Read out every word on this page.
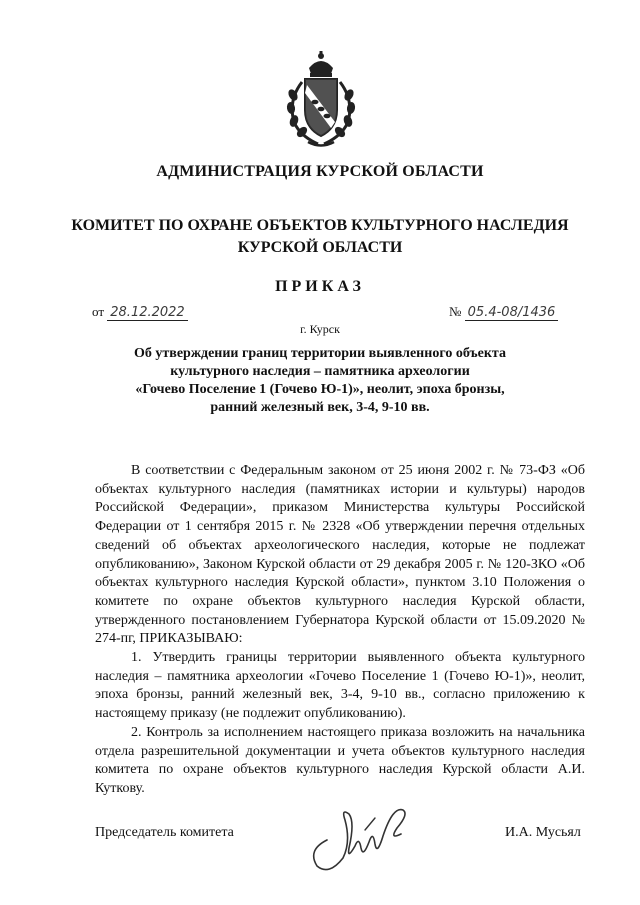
АДМИНИСТРАЦИЯ КУРСКОЙ ОБЛАСТИ
КОМИТЕТ ПО ОХРАНЕ ОБЪЕКТОВ КУЛЬТУРНОГО НАСЛЕДИЯ
КУРСКОЙ ОБЛАСТИ
ПРИКАЗ
от 28.12.2022	№ 05.4-08/1436
г. Курск
Об утверждении границ территории выявленного объекта
культурного наследия – памятника археологии
«Гочево Поселение 1 (Гочево Ю-1)», неолит, эпоха бронзы,
ранний железный век, 3-4, 9-10 вв.

В соответствии с Федеральным законом от 25 июня 2002 г. № 73-ФЗ «Об объектах культурного наследия (памятниках истории и культуры) народов Российской Федерации», приказом Министерства культуры Российской Федерации от 1 сентября 2015 г. № 2328 «Об утверждении перечня отдельных сведений об объектах археологического наследия, которые не подлежат опубликованию», Законом Курской области от 29 декабря 2005 г. № 120-ЗКО «Об объектах культурного наследия Курской области», пунктом 3.10 Положения о комитете по охране объектов культурного наследия Курской области, утвержденного постановлением Губернатора Курской области от 15.09.2020 № 274-пг, ПРИКАЗЫВАЮ:

1. Утвердить границы территории выявленного объекта культурного наследия – памятника археологии «Гочево Поселение 1 (Гочево Ю-1)», неолит, эпоха бронзы, ранний железный век, 3-4, 9-10 вв., согласно приложению к настоящему приказу (не подлежит опубликованию).

2. Контроль за исполнением настоящего приказа возложить на начальника отдела разрешительной документации и учета объектов культурного наследия комитета по охране объектов культурного наследия Курской области А.И. Куткову.

Председатель комитета	И.А. Мусьял
